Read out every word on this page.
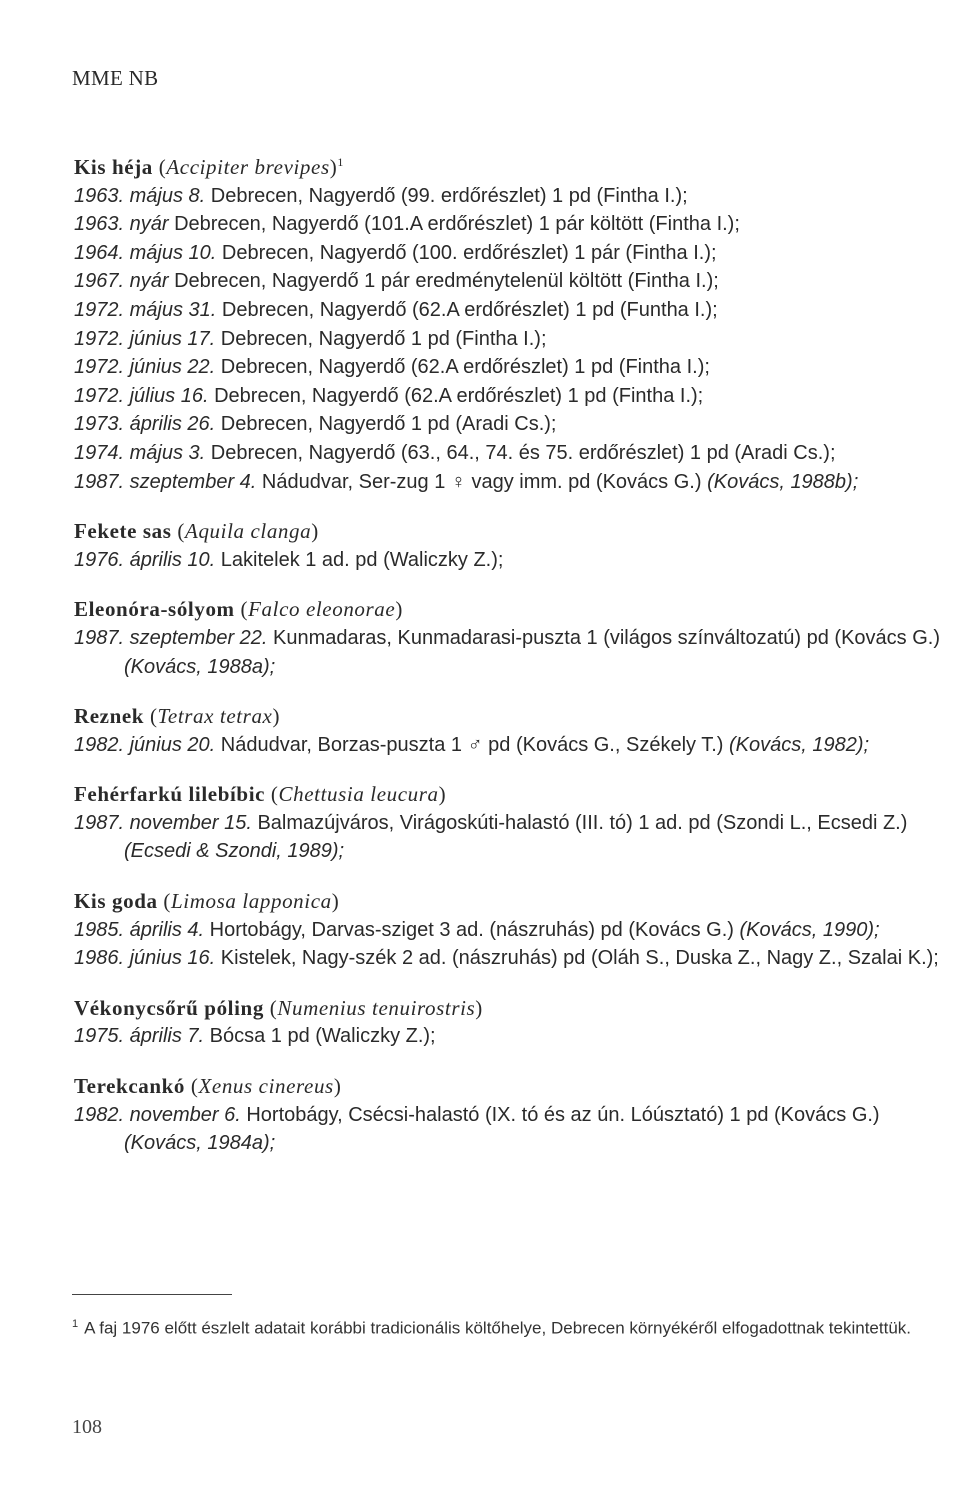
MME NB
Kis héja (Accipiter brevipes)$^1$
1963. május 8. Debrecen, Nagyerdő (99. erdőrészlet) 1 pd (Fintha I.);
1963. nyár Debrecen, Nagyerdő (101.A erdőrészlet) 1 pár költött (Fintha I.);
1964. május 10. Debrecen, Nagyerdő (100. erdőrészlet) 1 pár (Fintha I.);
1967. nyár Debrecen, Nagyerdő 1 pár eredménytelenül költött (Fintha I.);
1972. május 31. Debrecen, Nagyerdő (62.A erdőrészlet) 1 pd (Funtha I.);
1972. június 17. Debrecen, Nagyerdő 1 pd (Fintha I.);
1972. június 22. Debrecen, Nagyerdő (62.A erdőrészlet) 1 pd (Fintha I.);
1972. július 16. Debrecen, Nagyerdő (62.A erdőrészlet) 1 pd (Fintha I.);
1973. április 26. Debrecen, Nagyerdő 1 pd (Aradi Cs.);
1974. május 3. Debrecen, Nagyerdő (63., 64., 74. és 75. erdőrészlet) 1 pd (Aradi Cs.);
1987. szeptember 4. Nádudvar, Ser-zug 1 ♀ vagy imm. pd (Kovács G.) (Kovács, 1988b);
Fekete sas (Aquila clanga)
1976. április 10. Lakitelek 1 ad. pd (Waliczky Z.);
Eleonóra-sólyom (Falco eleonorae)
1987. szeptember 22. Kunmadaras, Kunmadarasi-puszta 1 (világos színváltozatú) pd (Kovács G.) (Kovács, 1988a);
Reznek (Tetrax tetrax)
1982. június 20. Nádudvar, Borzas-puszta 1 ♂ pd (Kovács G., Székely T.) (Kovács, 1982);
Fehérfarkú lilebíbic (Chettusia leucura)
1987. november 15. Balmazújváros, Virágoskúti-halastó (III. tó) 1 ad. pd (Szondi L., Ecsedi Z.) (Ecsedi & Szondi, 1989);
Kis goda (Limosa lapponica)
1985. április 4. Hortobágy, Darvas-sziget 3 ad. (nászruhás) pd (Kovács G.) (Kovács, 1990);
1986. június 16. Kistelek, Nagy-szék 2 ad. (nászruhás) pd (Oláh S., Duska Z., Nagy Z., Szalai K.);
Vékonycsőrű póling (Numenius tenuirostris)
1975. április 7. Bócsa 1 pd (Waliczky Z.);
Terekcankó (Xenus cinereus)
1982. november 6. Hortobágy, Csécsi-halastó (IX. tó és az ún. Lóúsztató) 1 pd (Kovács G.) (Kovács, 1984a);
$^1$ A faj 1976 előtt észlelt adatait korábbi tradicionális költőhelye, Debrecen környékéről elfogadottnak tekintettük.
108
